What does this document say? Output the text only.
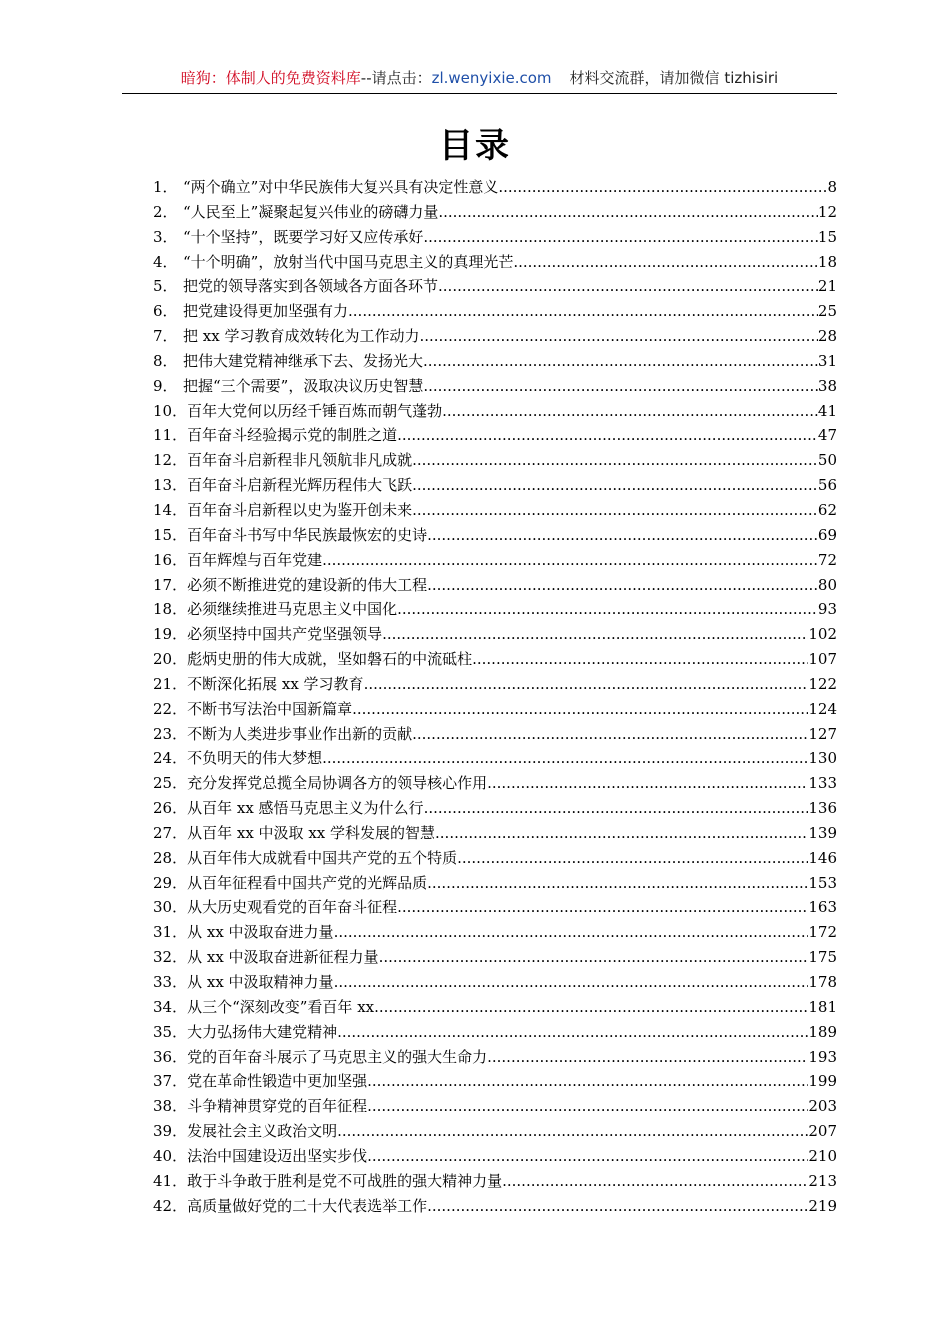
暗狗：体制人的免费资料库--请点击：zl.wenyixie.com 材料交流群，请加微信 tizhisiri
目录
1． “两个确立”对中华民族伟大复兴具有决定性意义 .....	8
2． “人民至上”凝聚起复兴伟业的磅礴力量 .....	12
3． “十个坚持”，既要学习好又应传承好 .....	15
4． “十个明确”，放射当代中国马克思主义的真理光芒 .....	18
5． 把党的领导落实到各领域各方面各环节 .....	21
6． 把党建设得更加坚强有力 .....	25
7． 把 xx 学习教育成效转化为工作动力 .....	28
8． 把伟大建党精神继承下去、发扬光大 .....	31
9． 把握“三个需要”，汲取决议历史智慧 .....	38
10． 百年大党何以历经千锤百炼而朝气蓬勃 .....	41
11． 百年奋斗经验揭示党的制胜之道 .....	47
12． 百年奋斗启新程非凡领航非凡成就 .....	50
13． 百年奋斗启新程光辉历程伟大飞跃 .....	56
14． 百年奋斗启新程以史为鉴开创未来 .....	62
15． 百年奋斗书写中华民族最恢宏的史诗 .....	69
16． 百年辉煌与百年党建 .....	72
17． 必须不断推进党的建设新的伟大工程 .....	80
18． 必须继续推进马克思主义中国化 .....	93
19． 必须坚持中国共产党坚强领导 .....	102
20． 彪炳史册的伟大成就，坚如磐石的中流砥柱 .....	107
21． 不断深化拓展 xx 学习教育 .....	122
22． 不断书写法治中国新篇章 .....	124
23． 不断为人类进步事业作出新的贡献 .....	127
24． 不负明天的伟大梦想 .....	130
25． 充分发挥党总揽全局协调各方的领导核心作用 .....	133
26． 从百年 xx 感悟马克思主义为什么行 .....	136
27． 从百年 xx 中汲取 xx 学科发展的智慧 .....	139
28． 从百年伟大成就看中国共产党的五个特质 .....	146
29． 从百年征程看中国共产党的光辉品质 .....	153
30． 从大历史观看党的百年奋斗征程 .....	163
31． 从 xx 中汲取奋进力量 .....	172
32． 从 xx 中汲取奋进新征程力量 .....	175
33． 从 xx 中汲取精神力量 .....	178
34． 从三个“深刻改变”看百年 xx .....	181
35． 大力弘扬伟大建党精神 .....	189
36． 党的百年奋斗展示了马克思主义的强大生命力 .....	193
37． 党在革命性锻造中更加坚强 .....	199
38． 斗争精神贯穿党的百年征程 .....	203
39． 发展社会主义政治文明 .....	207
40． 法治中国建设迈出坚实步伐 .....	210
41． 敢于斗争敢于胜利是党不可战胜的强大精神力量 .....	213
42． 高质量做好党的二十大代表选举工作 .....	219
